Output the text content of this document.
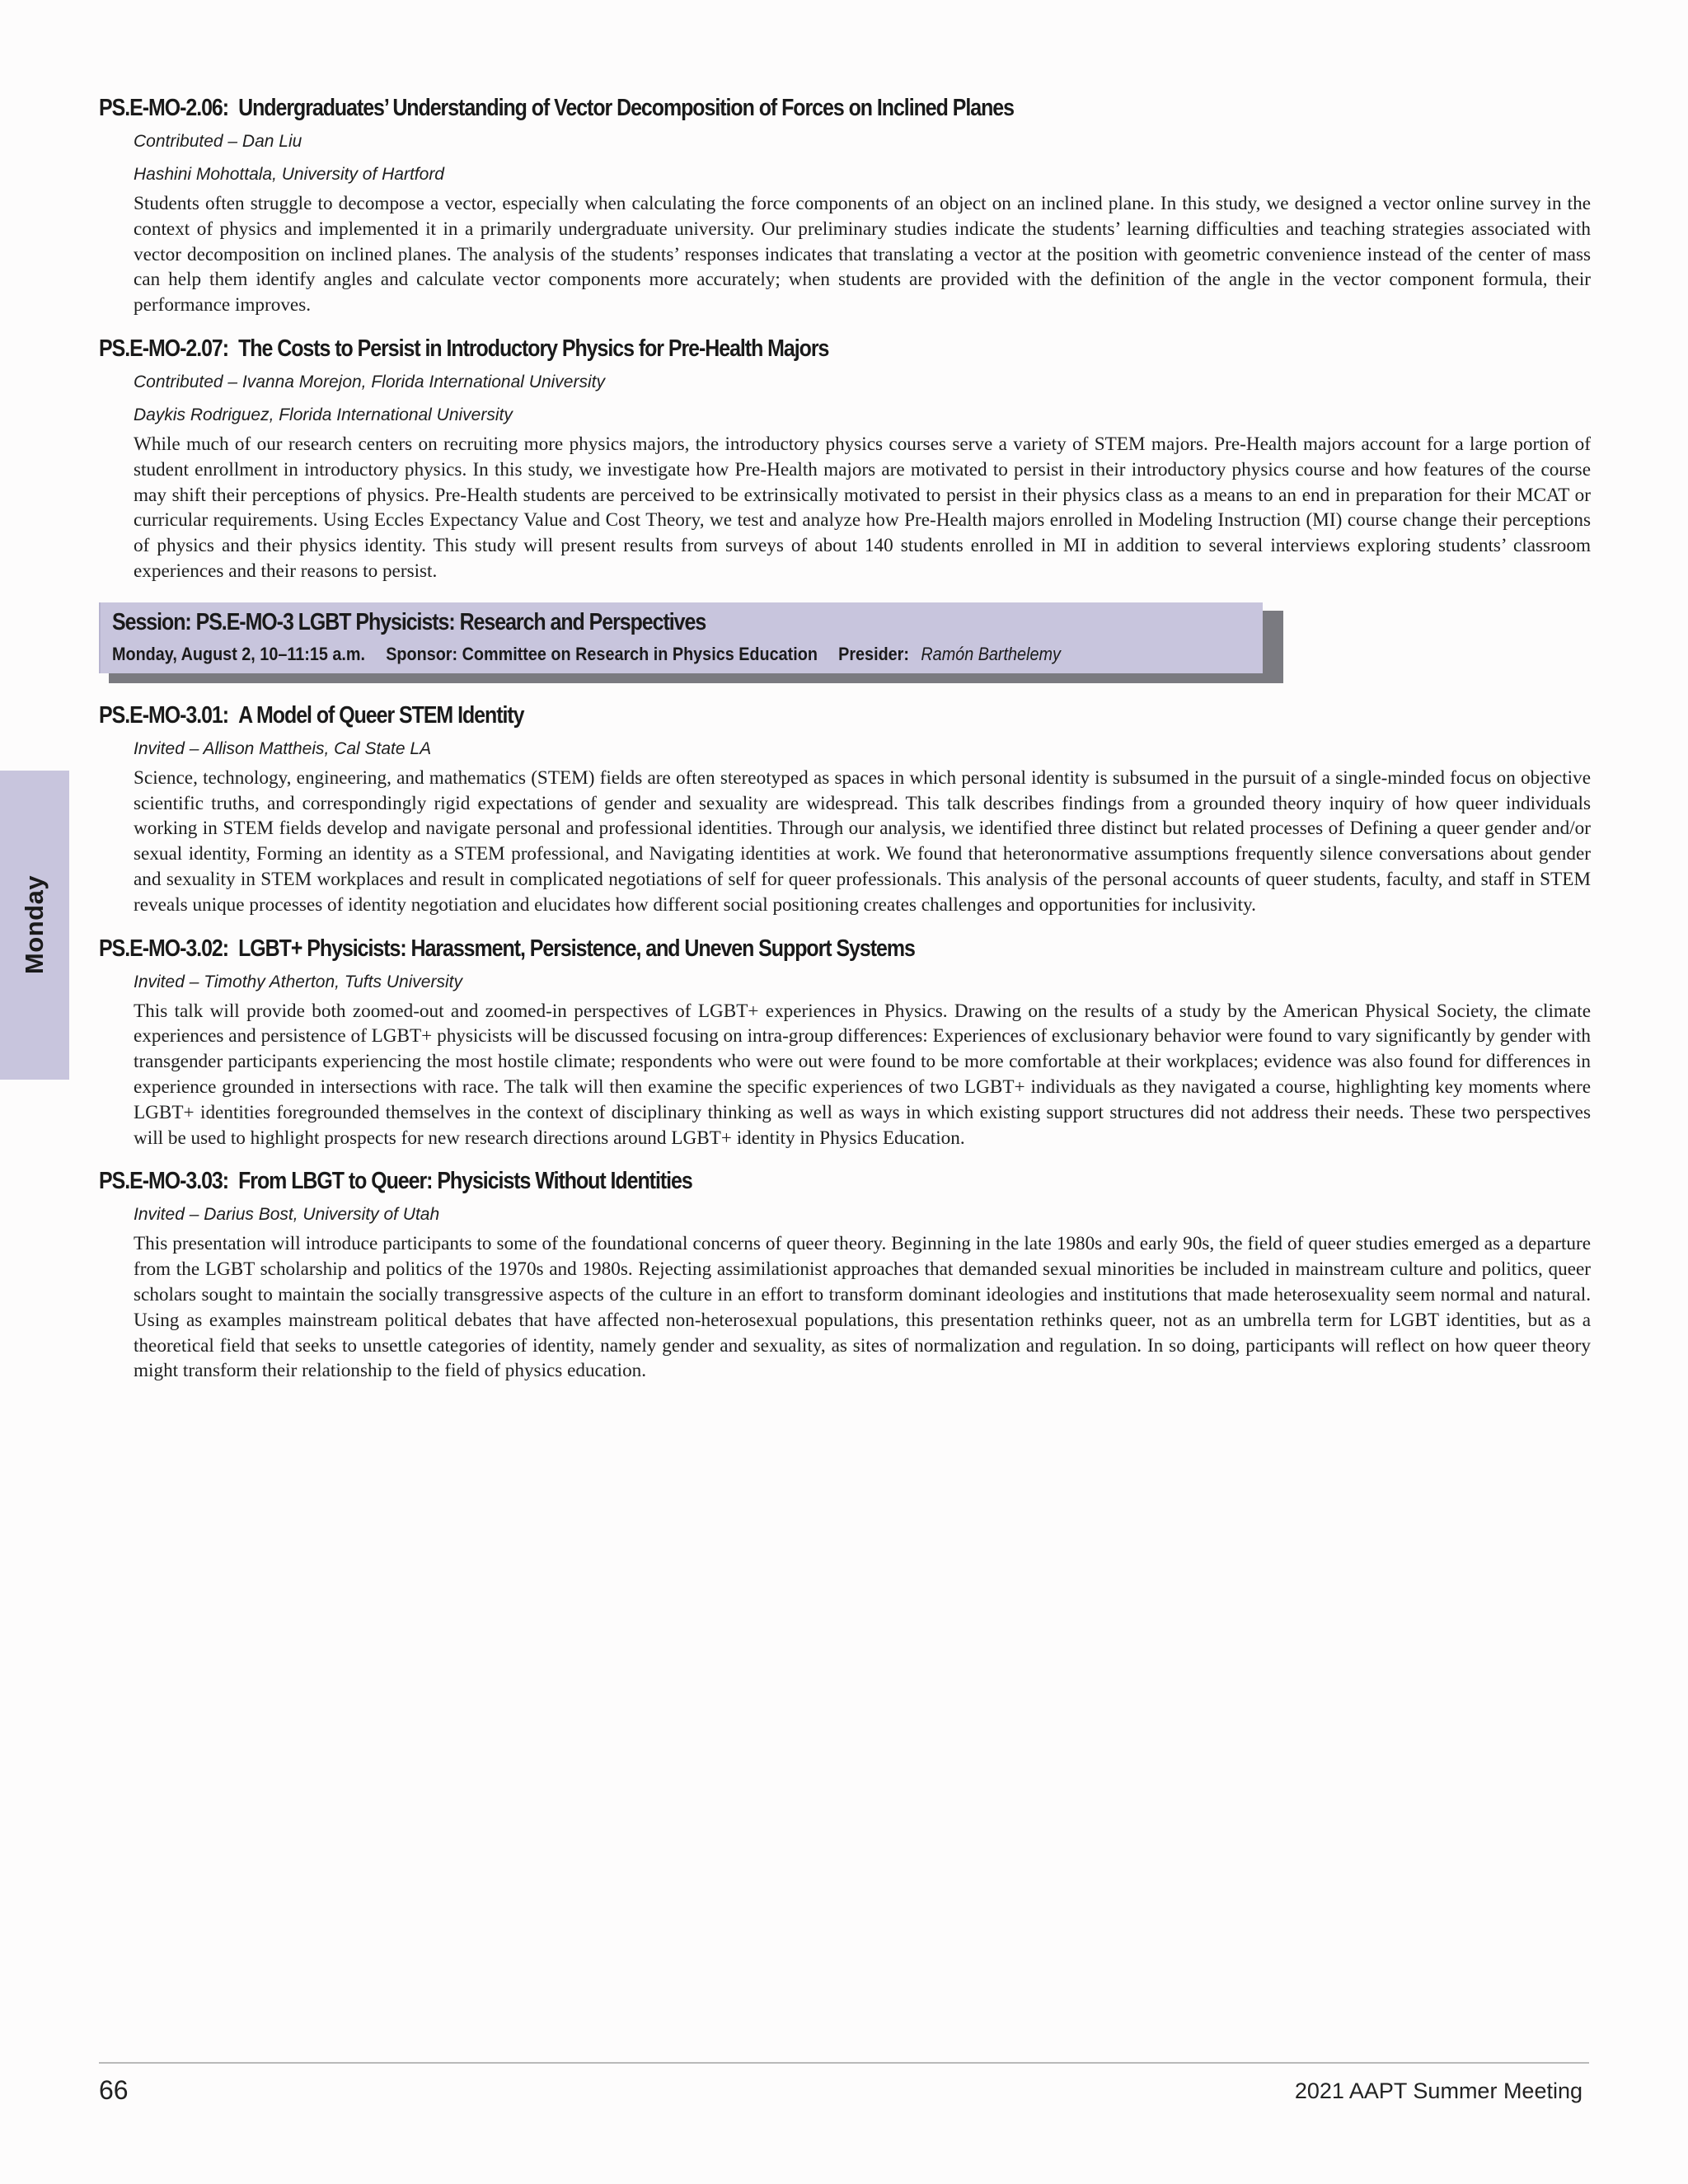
Monday
PS.E-MO-2.06: Undergraduates’ Understanding of Vector Decomposition of Forces on Inclined Planes
Contributed – Dan Liu
Hashini Mohottala, University of Hartford

Students often struggle to decompose a vector, especially when calculating the force components of an object on an inclined plane. In this study, we designed a vector online survey in the context of physics and implemented it in a primarily undergraduate university. Our preliminary studies indicate the students’ learning difficulties and teaching strategies associated with vector decomposition on inclined planes. The analysis of the students’ responses indicates that translating a vector at the position with geometric convenience instead of the center of mass can help them identify angles and calculate vector components more accurately; when students are provided with the definition of the angle in the vector component formula, their performance improves.

PS.E-MO-2.07: The Costs to Persist in Introductory Physics for Pre-Health Majors
Contributed – Ivanna Morejon, Florida International University
Daykis Rodriguez, Florida International University

While much of our research centers on recruiting more physics majors, the introductory physics courses serve a variety of STEM majors. Pre-Health majors account for a large portion of student enrollment in introductory physics. In this study, we investigate how Pre-Health majors are motivated to persist in their introductory physics course and how features of the course may shift their perceptions of physics. Pre-Health students are perceived to be extrinsically motivated to persist in their physics class as a means to an end in preparation for their MCAT or curricular requirements. Using Eccles Expectancy Value and Cost Theory, we test and analyze how Pre-Health majors enrolled in Modeling Instruction (MI) course change their perceptions of physics and their physics identity. This study will present results from surveys of about 140 students enrolled in MI in addition to several interviews exploring students’ classroom experiences and their reasons to persist.

Session: PS.E-MO-3 LGBT Physicists: Research and Perspectives
Monday, August 2, 10–11:15 a.m. Sponsor: Committee on Research in Physics Education Presider: Ramón Barthelemy
PS.E-MO-3.01: A Model of Queer STEM Identity
Invited – Allison Mattheis, Cal State LA

Science, technology, engineering, and mathematics (STEM) fields are often stereotyped as spaces in which personal identity is subsumed in the pursuit of a single-minded focus on objective scientific truths, and correspondingly rigid expectations of gender and sexuality are widespread. This talk describes findings from a grounded theory inquiry of how queer individuals working in STEM fields develop and navigate personal and professional identities. Through our analysis, we identified three distinct but related processes of Defining a queer gender and/or sexual identity, Forming an identity as a STEM professional, and Navigating identities at work. We found that heteronormative assumptions frequently silence conversations about gender and sexuality in STEM workplaces and result in complicated negotiations of self for queer professionals. This analysis of the personal accounts of queer students, faculty, and staff in STEM reveals unique processes of identity negotiation and elucidates how different social positioning creates challenges and opportunities for inclusivity.

PS.E-MO-3.02: LGBT+ Physicists: Harassment, Persistence, and Uneven Support Systems
Invited – Timothy Atherton, Tufts University

This talk will provide both zoomed-out and zoomed-in perspectives of LGBT+ experiences in Physics. Drawing on the results of a study by the American Physical Society, the climate experiences and persistence of LGBT+ physicists will be discussed focusing on intra-group differences: Experiences of exclusionary behavior were found to vary significantly by gender with transgender participants experiencing the most hostile climate; respondents who were out were found to be more comfortable at their workplaces; evidence was also found for differences in experience grounded in intersections with race. The talk will then examine the specific experiences of two LGBT+ individuals as they navigated a course, highlighting key moments where LGBT+ identities foregrounded themselves in the context of disciplinary thinking as well as ways in which existing support structures did not address their needs. These two perspectives will be used to highlight prospects for new research directions around LGBT+ identity in Physics Education.

PS.E-MO-3.03: From LBGT to Queer: Physicists Without Identities
Invited – Darius Bost, University of Utah

This presentation will introduce participants to some of the foundational concerns of queer theory. Beginning in the late 1980s and early 90s, the field of queer studies emerged as a departure from the LGBT scholarship and politics of the 1970s and 1980s. Rejecting assimilationist approaches that demanded sexual minorities be included in mainstream culture and politics, queer scholars sought to maintain the socially transgressive aspects of the culture in an effort to transform dominant ideologies and institutions that made heterosexuality seem normal and natural. Using as examples mainstream political debates that have affected non-heterosexual populations, this presentation rethinks queer, not as an umbrella term for LGBT identities, but as a theoretical field that seeks to unsettle categories of identity, namely gender and sexuality, as sites of normalization and regulation. In so doing, participants will reflect on how queer theory might transform their relationship to the field of physics education.

66	2021 AAPT Summer Meeting
